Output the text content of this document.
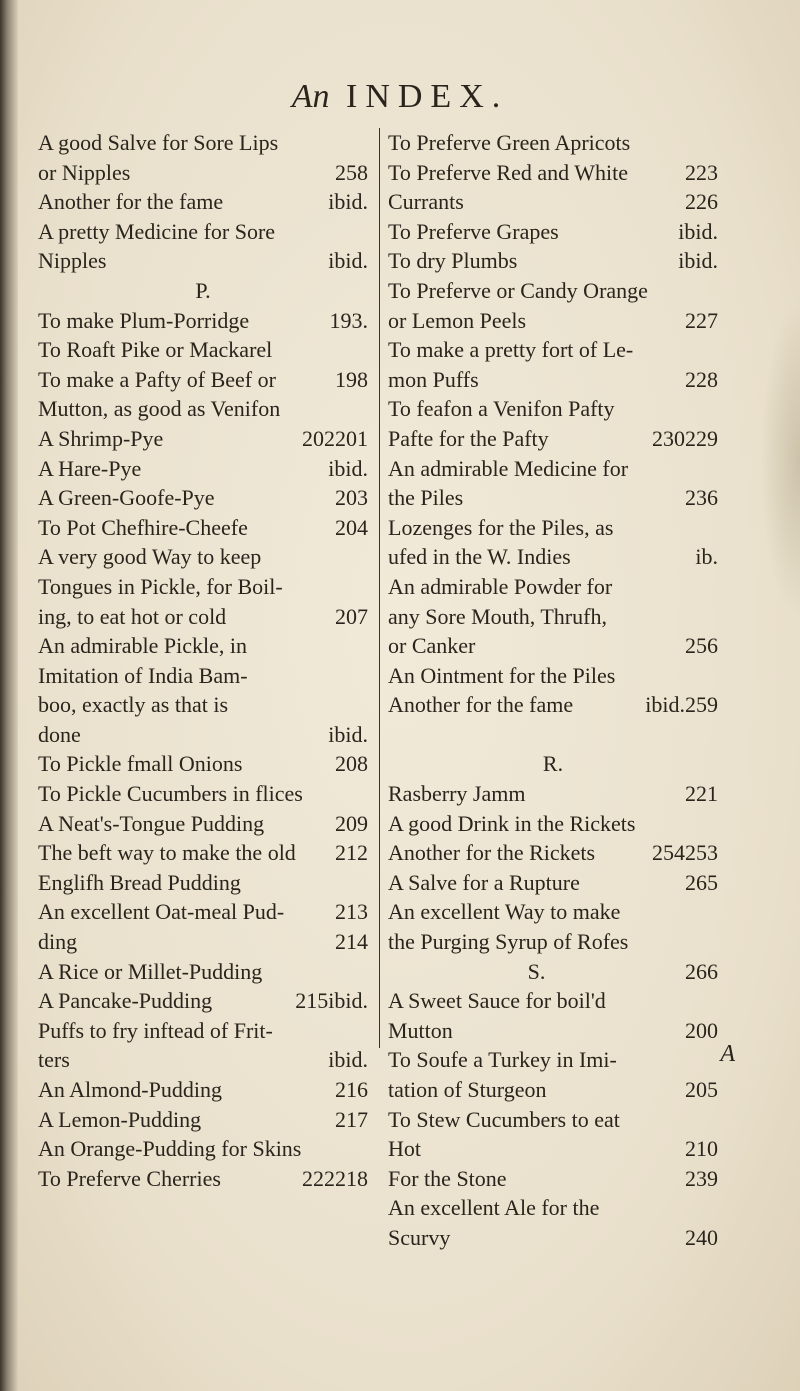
An INDEX.
A good Salve for Sore Lips
258
or Nipples
ibid.
Another for the fame
A pretty Medicine for Sore
ibid.
Nipples
P.
193.
To make Plum-Porridge
To Roaft Pike or Mackarel
198
To make a Pafty of Beef or
Mutton, as good as Venifon
201
202
A Shrimp-Pye
ibid.
A Hare-Pye
203
A Green-Goofe-Pye
204
To Pot Chefhire-Cheefe
A very good Way to keep
Tongues in Pickle, for Boil-
207
ing, to eat hot or cold
An admirable Pickle, in
Imitation of India Bam-
boo, exactly as that is
ibid.
done
208
To Pickle fmall Onions
To Pickle Cucumbers in flices
209
A Neat's-Tongue Pudding
212
The beft way to make the old
Englifh Bread Pudding
213
An excellent Oat-meal Pud-
214
ding
A Rice or Millet-Pudding
ibid.
215
A Pancake-Pudding
Puffs to fry inftead of Frit-
ibid.
ters
216
An Almond-Pudding
217
A Lemon-Pudding
An Orange-Pudding for Skins
218
222
To Preferve Cherries
To Preferve Green Apricots
223
To Preferve Red and White
226
Currants
ibid.
To Preferve Grapes
ibid.
To dry Plumbs
To Preferve or Candy Orange
227
or Lemon Peels
To make a pretty fort of Le-
228
mon Puffs
To feafon a Venifon Pafty
229
230
Pafte for the Pafty
An admirable Medicine for
236
the Piles
Lozenges for the Piles, as
ib.
ufed in the W. Indies
An admirable Powder for
any Sore Mouth, Thrufh,
256
or Canker
An Ointment for the Piles
259
ibid.
Another for the fame

R.
221
Rasberry Jamm
A good Drink in the Rickets
253
254
Another for the Rickets
265
A Salve for a Rupture
An excellent Way to make
the Purging Syrup of Rofes
266
S.
A Sweet Sauce for boil'd
200
Mutton
To Soufe a Turkey in Imi-
205
tation of Sturgeon
To Stew Cucumbers to eat
210
Hot
239
For the Stone
An excellent Ale for the
240
Scurvy
A
